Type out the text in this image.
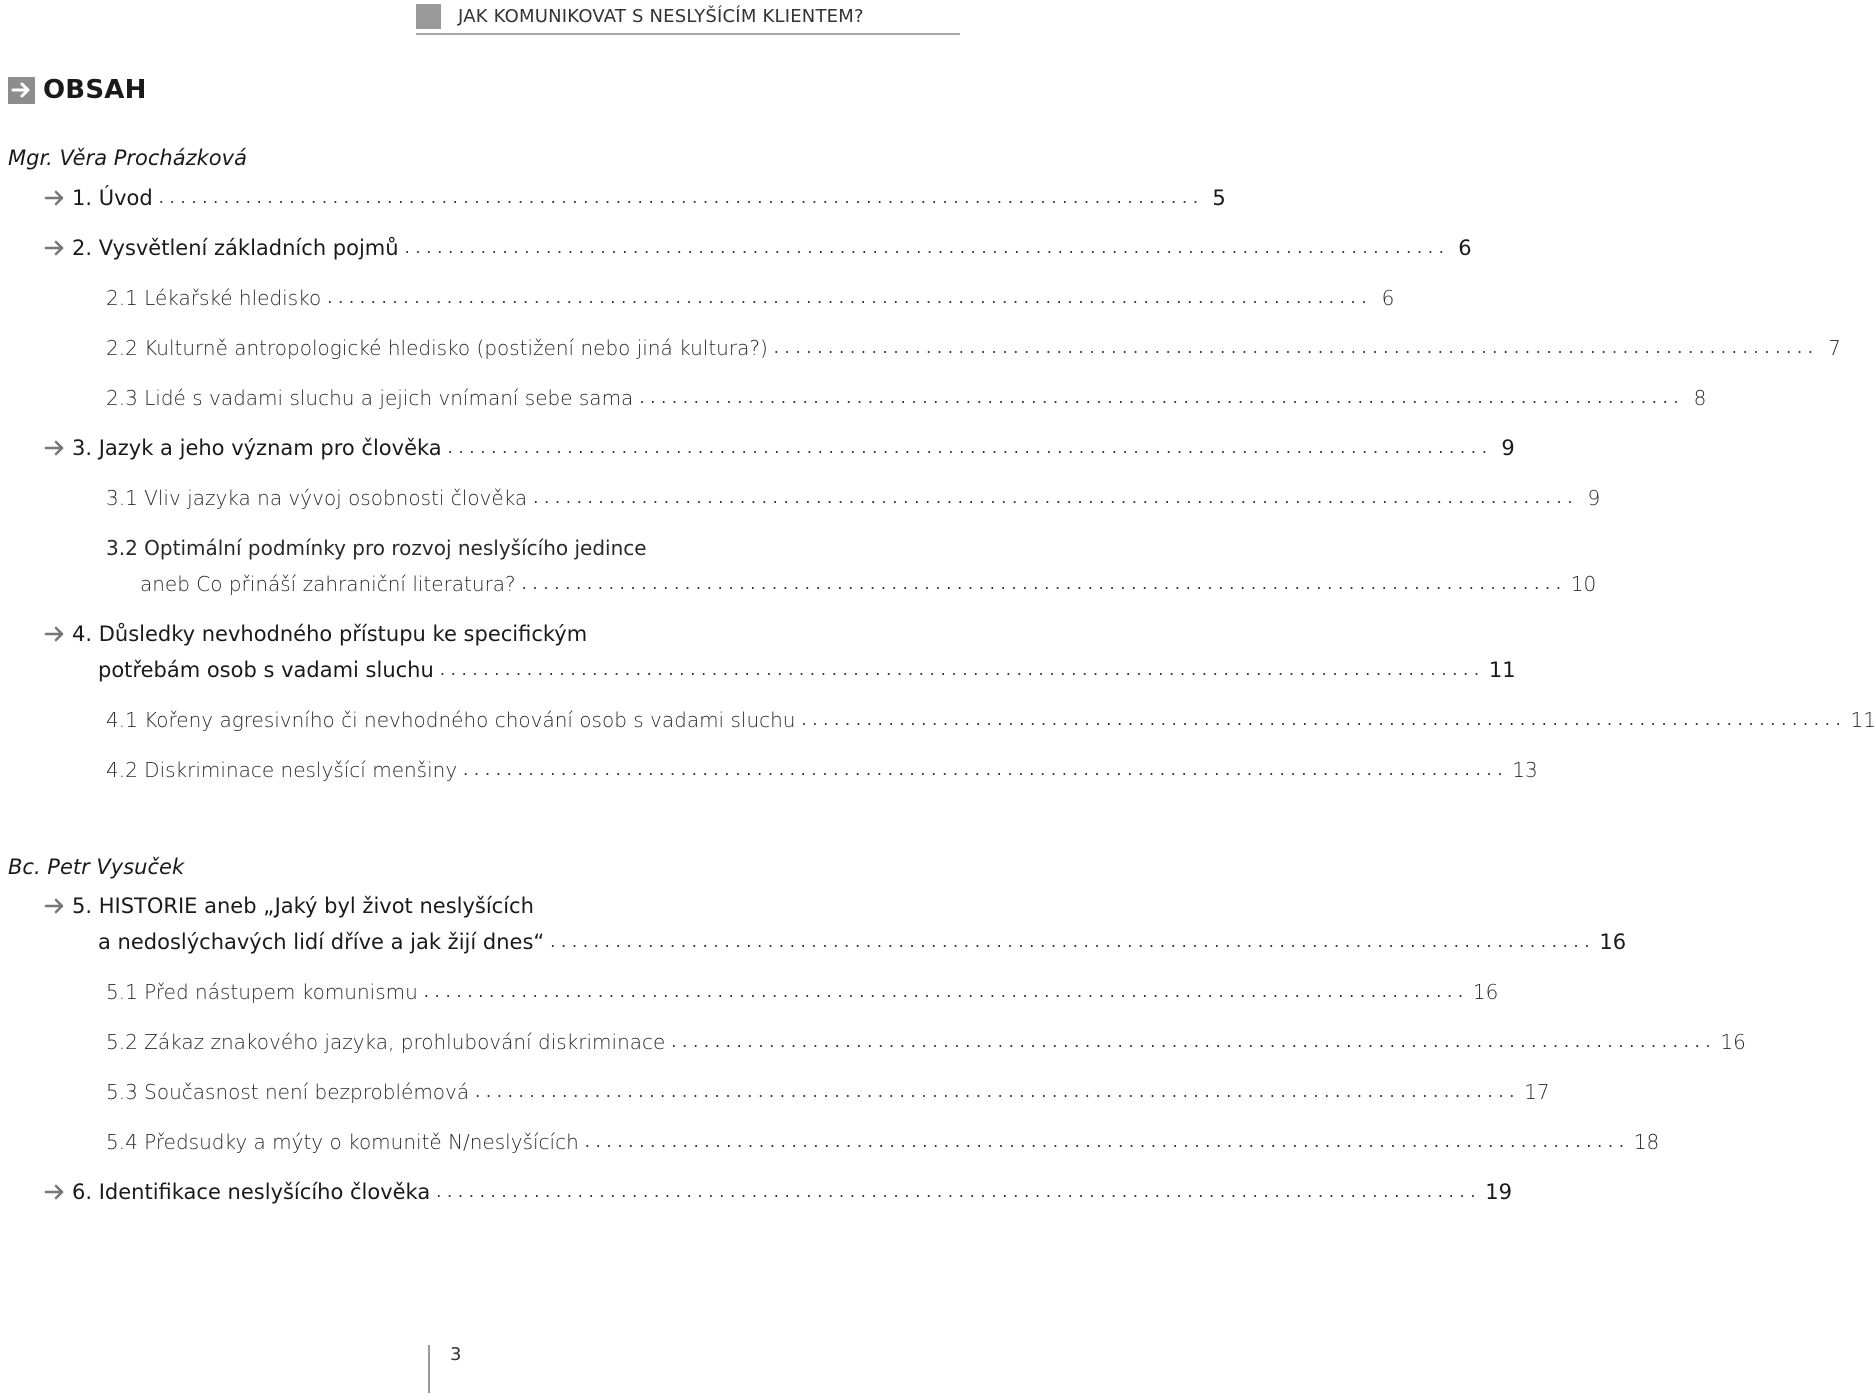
JAK KOMUNIKOVAT S NESLYŠÍCÍM KLIENTEM?
OBSAH
Mgr. Věra Procházková
1. Úvod ................................................................................................ 5
2. Vysvětlení základních pojmů ................................................................................................ 6
2.1 Lékařské hledisko ................................................................................................ 6
2.2 Kulturně antropologické hledisko (postižení nebo jiná kultura?) ................................................................................................ 7
2.3 Lidé s vadami sluchu a jejich vnímaní sebe sama ................................................................................................ 8
3. Jazyk a jeho význam pro člověka ................................................................................................ 9
3.1 Vliv jazyka na vývoj osobnosti člověka ................................................................................................ 9
3.2 Optimální podmínky pro rozvoj neslyšícího jedince
aneb Co přináší zahraniční literatura? ................................................................................................ 10
4. Důsledky nevhodného přístupu ke specifickým
potřebám osob s vadami sluchu ................................................................................................ 11
4.1 Kořeny agresivního či nevhodného chování osob s vadami sluchu ................................................................................................ 11
4.2 Diskriminace neslyšící menšiny ................................................................................................ 13
Bc. Petr Vysuček
5. HISTORIE aneb „Jaký byl život neslyšících
a nedoslýchavých lidí dříve a jak žijí dnes“ ................................................................................................ 16
5.1 Před nástupem komunismu ................................................................................................ 16
5.2 Zákaz znakového jazyka, prohlubování diskriminace ................................................................................................ 16
5.3 Současnost není bezproblémová ................................................................................................ 17
5.4 Předsudky a mýty o komunitě N/neslyšících ................................................................................................ 18
6. Identifikace neslyšícího člověka ................................................................................................ 19
3
